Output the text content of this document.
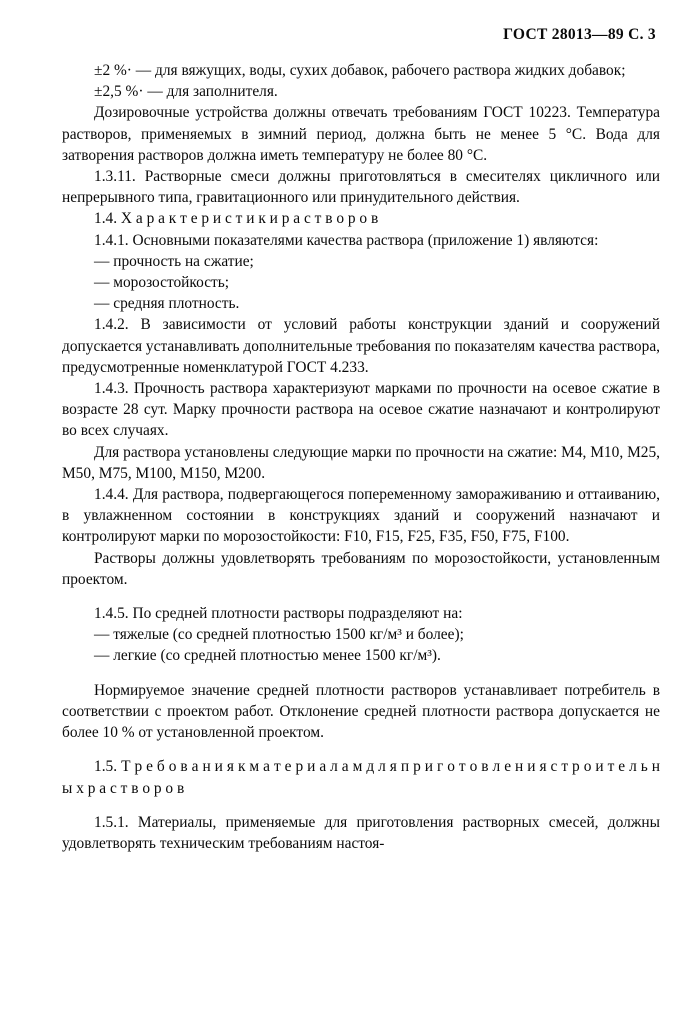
ГОСТ 28013—89 С. 3

±2 %· — для вяжущих, воды, сухих добавок, рабочего раствора жидких добавок;

±2,5 %· — для заполнителя.

Дозировочные устройства должны отвечать требованиям ГОСТ 10223. Температура растворов, применяемых в зимний период, должна быть не менее 5 °С. Вода для затворения растворов должна иметь температуру не более 80 °С.

1.3.11. Растворные смеси должны приготовляться в смесителях цикличного или непрерывного типа, гравитационного или принудительного действия.

1.4. Х а р а к т е р и с т и к и р а с т в о р о в

1.4.1. Основными показателями качества раствора (приложение 1) являются:

— прочность на сжатие;

— морозостойкость;

— средняя плотность.

1.4.2. В зависимости от условий работы конструкции зданий и сооружений допускается устанавливать дополнительные требования по показателям качества раствора, предусмотренные номенклатурой ГОСТ 4.233.

1.4.3. Прочность раствора характеризуют марками по прочности на осевое сжатие в возрасте 28 сут. Марку прочности раствора на осевое сжатие назначают и контролируют во всех случаях.

Для раствора установлены следующие марки по прочности на сжатие: М4, М10, М25, М50, М75, М100, М150, М200.

1.4.4. Для раствора, подвергающегося попеременному замораживанию и оттаиванию, в увлажненном состоянии в конструкциях зданий и сооружений назначают и контролируют марки по морозостойкости: F10, F15, F25, F35, F50, F75, F100.

Растворы должны удовлетворять требованиям по морозостойкости, установленным проектом.

1.4.5. По средней плотности растворы подразделяют на:

— тяжелые (со средней плотностью 1500 кг/м³ и более);

— легкие (со средней плотностью менее 1500 кг/м³).

Нормируемое значение средней плотности растворов устанавливает потребитель в соответствии с проектом работ. Отклонение средней плотности раствора допускается не более 10 % от установленной проектом.

1.5. Т р е б о в а н и я к м а т е р и а л а м д л я п р и г о т о в л е н и я с т р о и т е л ь н ы х р а с т в о р о в

1.5.1. Материалы, применяемые для приготовления растворных смесей, должны удовлетворять техническим требованиям настоя-
